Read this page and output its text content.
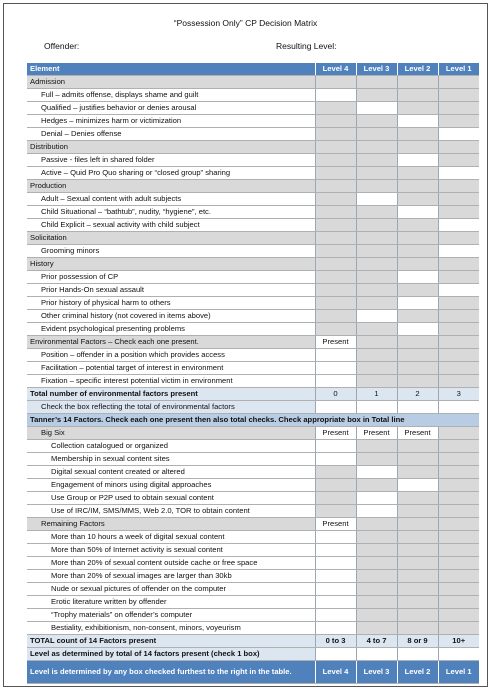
“Possession Only” CP Decision Matrix
Offender:	Resulting Level:
Element	Level 4	Level 3	Level 2	Level 1
Admission				
Full – admits offense, displays shame and guilt				
Qualified – justifies behavior or denies arousal				
Hedges – minimizes harm or victimization				
Denial – Denies offense				
Distribution				
Passive - files left in shared folder				
Active – Quid Pro Quo sharing or “closed group” sharing				
Production				
Adult – Sexual content with adult subjects				
Child Situational – “bathtub”, nudity, “hygiene”, etc.				
Child Explicit – sexual activity with child subject				
Solicitation				
Grooming minors				
History				
Prior possession of CP				
Prior Hands-On sexual assault				
Prior history of physical harm to others				
Other criminal history (not covered in items above)				
Evident psychological presenting problems				
Environmental Factors – Check each one present.	Present			
Position – offender in a position which provides access				
Facilitation – potential target of interest in environment				
Fixation – specific interest potential victim in environment				
Total number of environmental factors present	0	1	2	3
Check the box reflecting the total of environmental factors				
Tanner’s 14 Factors. Check each one present then also total checks. Check appropriate box in Total line				
Big Six	Present	Present	Present	
Collection catalogued or organized				
Membership in sexual content sites				
Digital sexual content created or altered				
Engagement of minors using digital approaches				
Use Group or P2P used to obtain sexual content				
Use of IRC/IM, SMS/MMS, Web 2.0, TOR to obtain content				
Remaining Factors	Present			
More than 10 hours a week of digital sexual content				
More than 50% of Internet activity is sexual content				
More than 20% of sexual content outside cache or free space				
More than 20% of sexual images are larger than 30kb				
Nude or sexual pictures of offender on the computer				
Erotic literature written by offender				
“Trophy materials” on offender’s computer				
Bestiality, exhibitionism, non-consent, minors, voyeurism				
TOTAL count of 14 Factors present	0 to 3	4 to 7	8 or 9	10+
Level as determined by total of 14 factors present (check 1 box)				
Level is determined by any box checked furthest to the right in the table.	Level 4	Level 3	Level 2	Level 1
